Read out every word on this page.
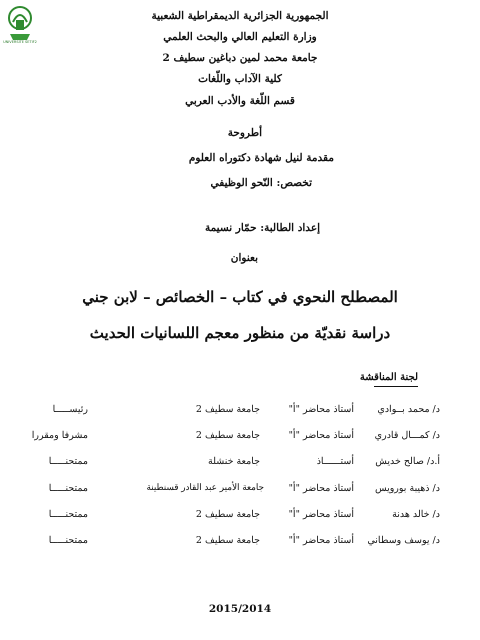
UNIVERSITE SETIF2
الجمهورية الجزائرية الديمقراطية الشعبية
وزارة التعليم العالي والبحث العلمي
جامعة محمد لمين دباغين سطيف 2
كلية الآداب واللّغات
قسم اللّغة والأدب العربي
أطروحة
مقدمة لنيل شهادة دكتوراه العلوم
تخصص: النّحو الوظيفي
إعداد الطالبة: حمّار نسيمة
بعنوان
المصطلح النحوي في كتاب – الخصائص – لابن جني
دراسة نقديّة من منظور معجم اللسانيات الحديث
لجنة المناقشة
د/ محمد بــوادي
أستاذ محاضر "أ"
جامعة سطيف 2
رئيســـــا
د/ كمـــال قادري
أستاذ محاضر "أ"
جامعة سطيف 2
مشرفا ومقررا
أ.د/ صالح خديش
أستــــــاذ
جامعة خنشلة
ممتحنـــــا
د/ ذهيبة بورويس
أستاذ محاضر "أ"
جامعة الأمير عبد القادر قسنطينة
ممتحنـــــا
د/ خالد هدنة
أستاذ محاضر "أ"
جامعة سطيف 2
ممتحنـــــا
د/ يوسف وسطاني
أستاذ محاضر "أ"
جامعة سطيف 2
ممتحنـــــا
2015/2014
